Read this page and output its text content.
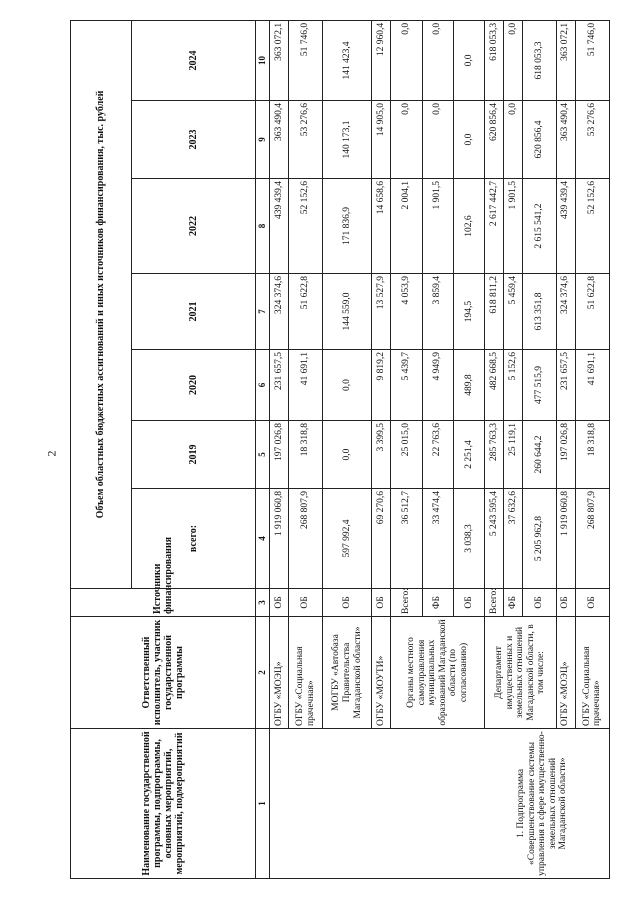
2
Наименование государственной программы, подпрограммы, основных мероприятий, мероприятий, подмероприятий	Ответственный исполнитель, участник государственной программы	Источники финансирования	Объем областных бюджетных ассигнований и иных источников финансирования, тыс. рублей						
			всего:	2019	2020	2021	2022	2023	2024
1	2	3	4	5	6	7	8	9	10
1. Подпрограмма «Совершенствование системы управления в сфере имущественно-земельных отношений Магаданской области»	ОГБУ «МОЭЦ»	ОБ	1 919 060,8	197 026,8	231 657,5	324 374,6	439 439,4	363 490,4	363 072,1
	ОГБУ «Социальная прачечная»	ОБ	268 807,9	18 318,8	41 691,1	51 622,8	52 152,6	53 276,6	51 746,0
	МОГБУ «Автобаза Правительства Магаданской области»	ОБ	597 992,4	0,0	0,0	144 559,0	171 836,9	140 173,1	141 423,4
	ОГБУ «МОУТИ»	ОБ	69 270,6	3 399,5	9 819,2	13 527,9	14 658,6	14 905,0	12 960,4
	Органы местного самоуправления муниципальных образований Магаданской области (по согласованию)	Всего:	36 512,7	25 015,0	5 439,7	4 053,9	2 004,1	0,0	0,0
		ФБ	33 474,4	22 763,6	4 949,9	3 859,4	1 901,5	0,0	0,0
		ОБ	3 038,3	2 251,4	489,8	194,5	102,6	0,0	0,0
	Департамент имущественных и земельных отношений Магаданской области, в том числе:	Всего:	5 243 595,4	285 763,3	482 668,5	618 811,2	2 617 442,7	620 856,4	618 053,3
		ФБ	37 632,6	25 119,1	5 152,6	5 459,4	1 901,5	0,0	0,0
		ОБ	5 205 962,8	260 644,2	477 515,9	613 351,8	2 615 541,2	620 856,4	618 053,3

	ОГБУ «МОЭЦ»	ОБ	1 919 060,8	197 026,8	231 657,5	324 374,6	439 439,4	363 490,4	363 072,1
	ОГБУ «Социальная прачечная»	ОБ	268 807,9	18 318,8	41 691,1	51 622,8	52 152,6	53 276,6	51 746,0
